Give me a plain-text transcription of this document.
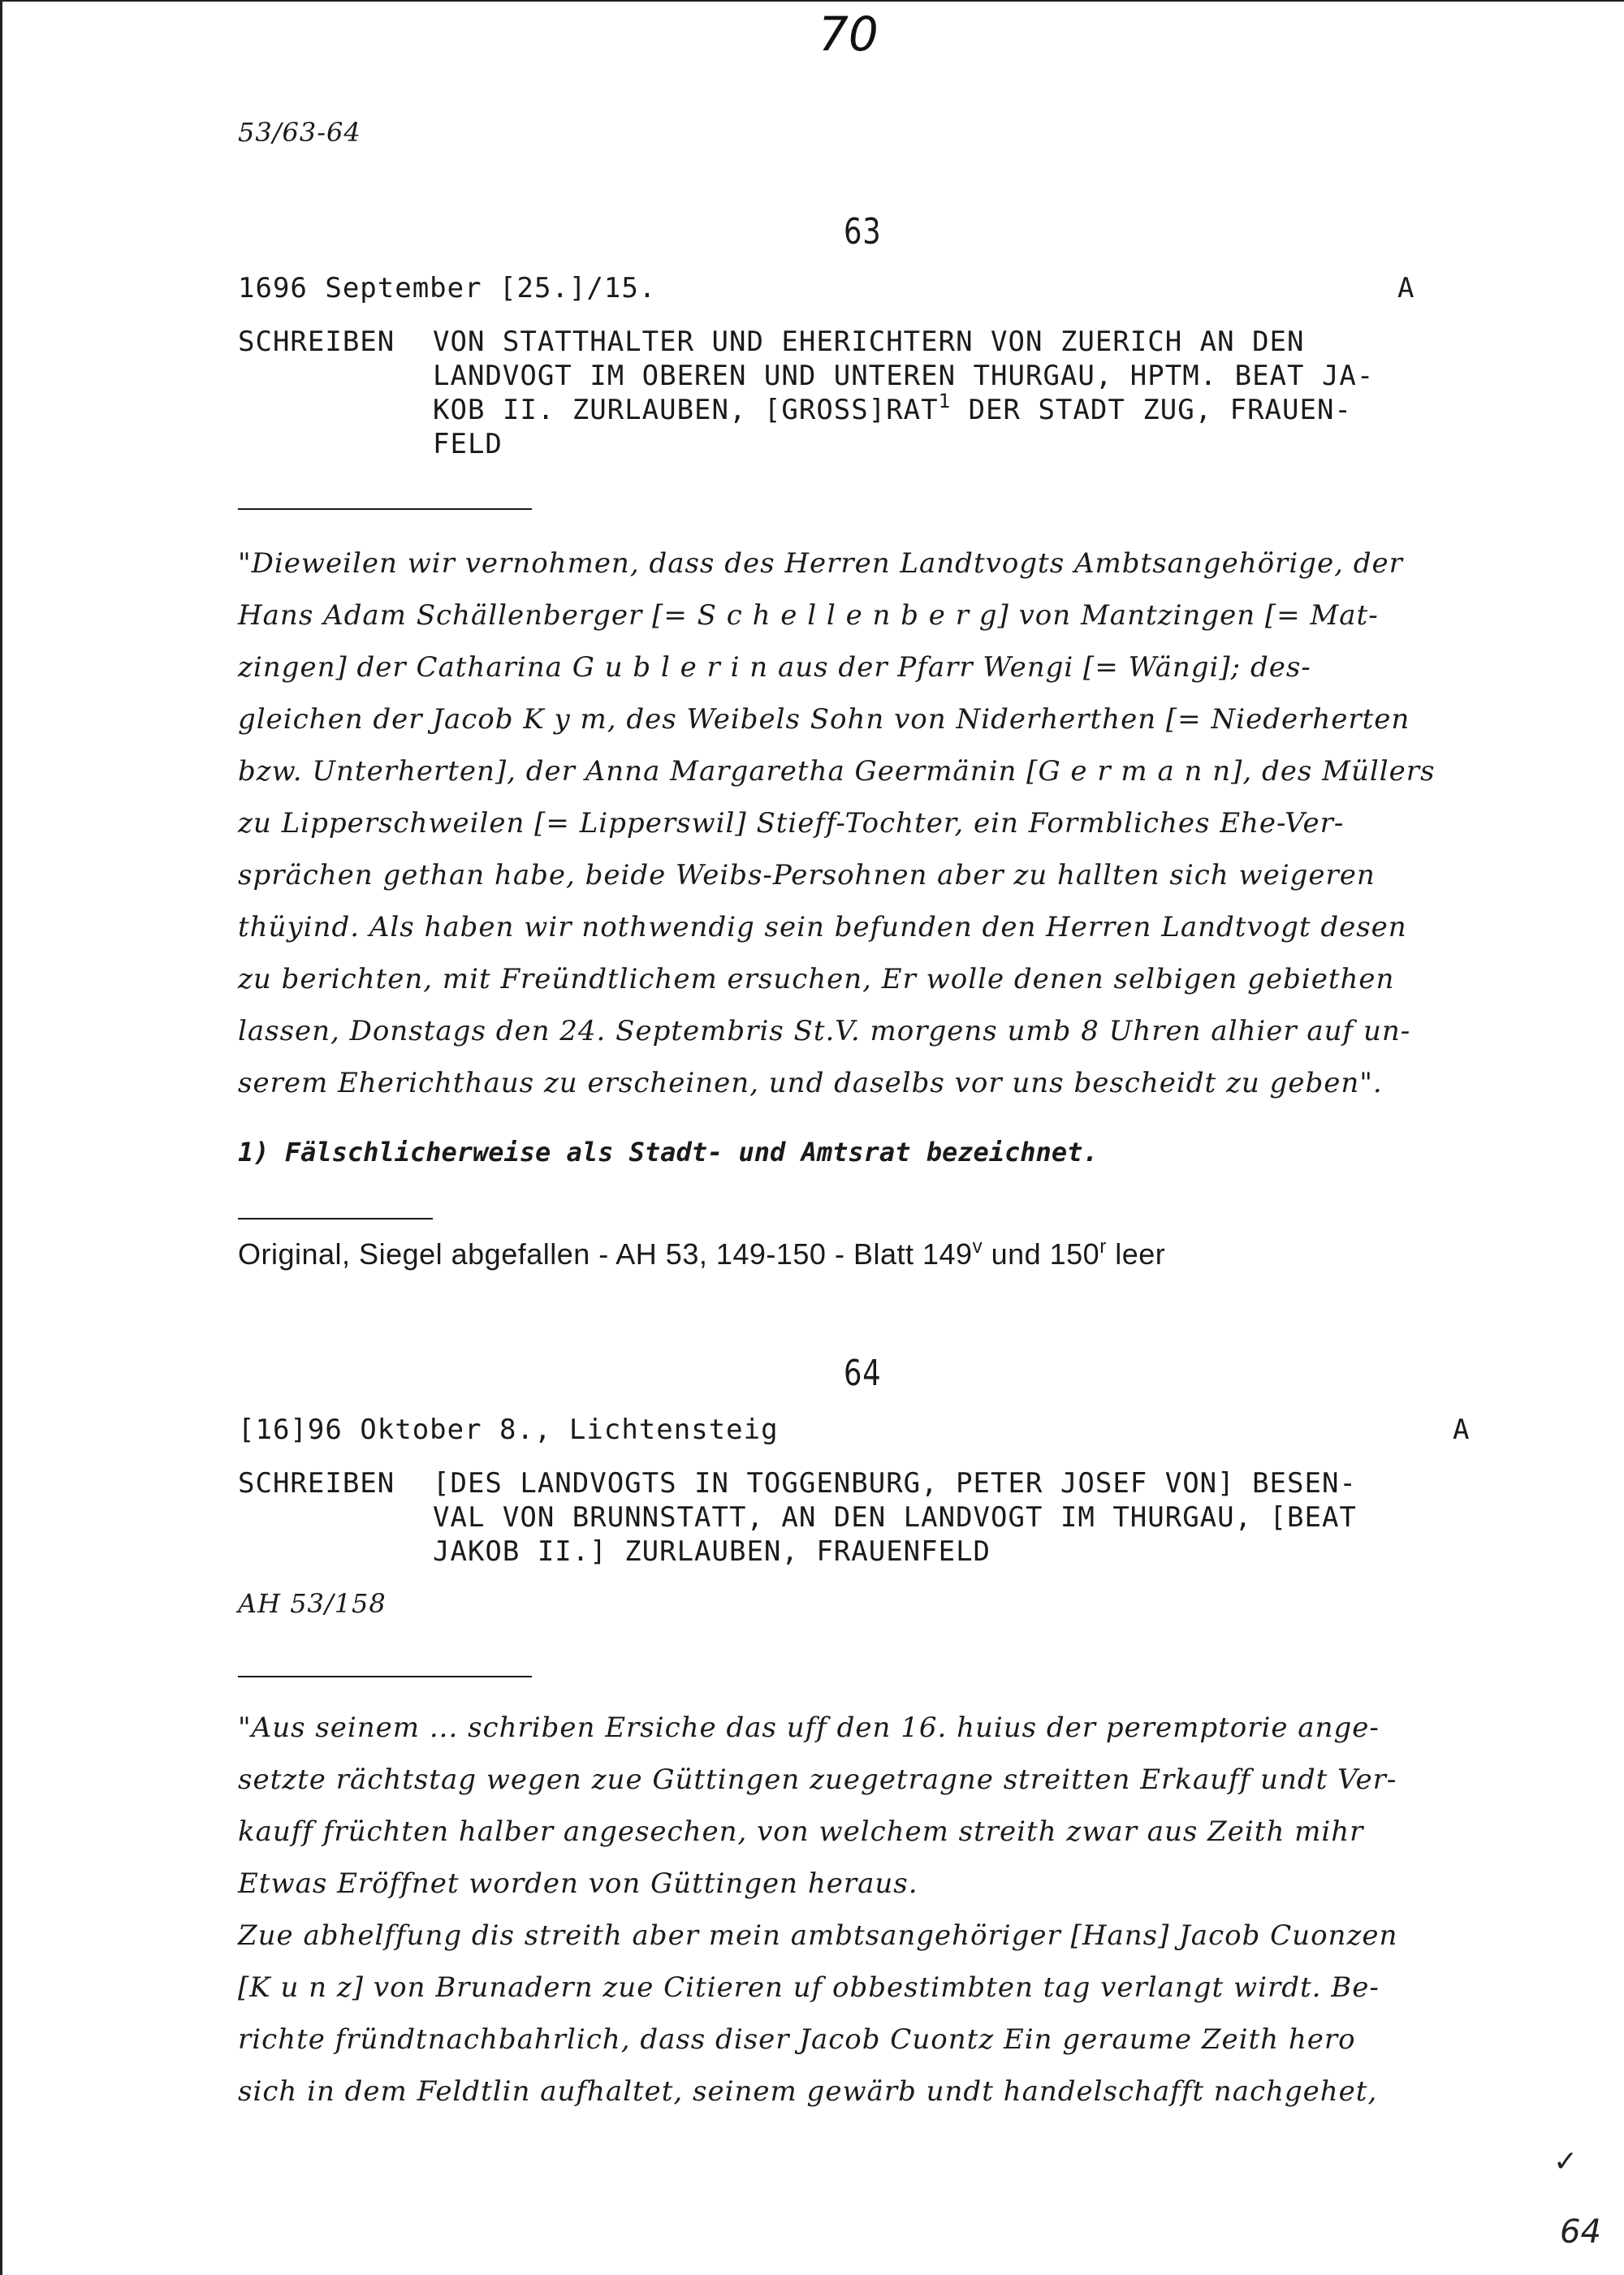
70
53/63-64
63
1696 September [25.]/15.	A
SCHREIBEN VON STATTHALTER UND EHERICHTERN VON ZUERICH AN DEN
LANDVOGT IM OBEREN UND UNTEREN THURGAU, HPTM. BEAT JA-
KOB II. ZURLAUBEN, [GROSS]RAT$^1$ DER STADT ZUG, FRAUEN-
FELD
"Dieweilen wir vernohmen, dass des Herren Landtvogts Ambtsangehörige, der
Hans Adam Schällenberger [= S c h e l l e n b e r g] von Mantzingen [= Mat-
zingen] der Catharina G u b l e r i n aus der Pfarr Wengi [= Wängi]; des-
gleichen der Jacob K y m, des Weibels Sohn von Niderherthen [= Niederherten
bzw. Unterherten], der Anna Margaretha Geermänin [G e r m a n n], des Müllers
zu Lipperschweilen [= Lipperswil] Stieff-Tochter, ein Formbliches Ehe-Ver-
sprächen gethan habe, beide Weibs-Persohnen aber zu hallten sich weigeren
thüyind. Als haben wir nothwendig sein befunden den Herren Landtvogt desen
zu berichten, mit Freündtlichem ersuchen, Er wolle denen selbigen gebiethen
lassen, Donstags den 24. Septembris St.V. morgens umb 8 Uhren alhier auf un-
serem Eherichthaus zu erscheinen, und daselbs vor uns bescheidt zu geben".
1) Fälschlicherweise als Stadt- und Amtsrat bezeichnet.
Original, Siegel abgefallen - AH 53, 149-150 - Blatt 149$^v$ und 150$^r$ leer
64
[16]96 Oktober 8., Lichtensteig	A
SCHREIBEN [DES LANDVOGTS IN TOGGENBURG, PETER JOSEF VON] BESEN-
VAL VON BRUNNSTATT, AN DEN LANDVOGT IM THURGAU, [BEAT
JAKOB II.] ZURLAUBEN, FRAUENFELD
AH 53/158
"Aus seinem ... schriben Ersiche das uff den 16. huius der peremptorie ange-
setzte rächtstag wegen zue Güttingen zuegetragne streitten Erkauff undt Ver-
kauff früchten halber angesechen, von welchem streith zwar aus Zeith mihr
Etwas Eröffnet worden von Güttingen heraus.
Zue abhelffung dis streith aber mein ambtsangehöriger [Hans] Jacob Cuonzen
[K u n z] von Brunadern zue Citieren uf obbestimbten tag verlangt wirdt. Be-
richte fründtnachbahrlich, dass diser Jacob Cuontz Ein geraume Zeith hero
sich in dem Feldtlin aufhaltet, seinem gewärb undt handelschafft nachgehet,
✓
64
